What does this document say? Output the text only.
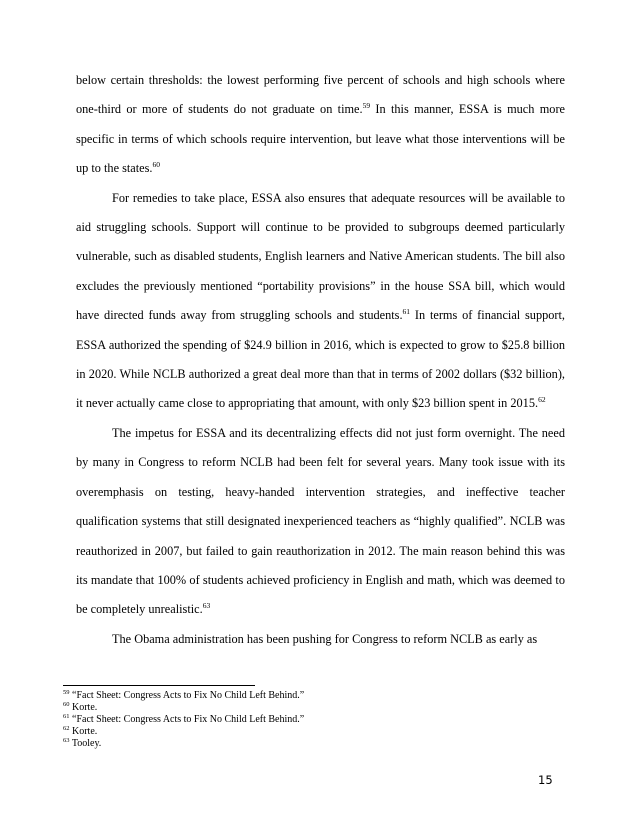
below certain thresholds: the lowest performing five percent of schools and high schools where one-third or more of students do not graduate on time.$^{59}$ In this manner, ESSA is much more specific in terms of which schools require intervention, but leave what those interventions will be up to the states.$^{60}$

For remedies to take place, ESSA also ensures that adequate resources will be available to aid struggling schools. Support will continue to be provided to subgroups deemed particularly vulnerable, such as disabled students, English learners and Native American students. The bill also excludes the previously mentioned “portability provisions” in the house SSA bill, which would have directed funds away from struggling schools and students.$^{61}$ In terms of financial support, ESSA authorized the spending of $24.9 billion in 2016, which is expected to grow to $25.8 billion in 2020. While NCLB authorized a great deal more than that in terms of 2002 dollars ($32 billion), it never actually came close to appropriating that amount, with only $23 billion spent in 2015.62

The impetus for ESSA and its decentralizing effects did not just form overnight. The need by many in Congress to reform NCLB had been felt for several years. Many took issue with its overemphasis on testing, heavy-handed intervention strategies, and ineffective teacher qualification systems that still designated inexperienced teachers as “highly qualified”. NCLB was reauthorized in 2007, but failed to gain reauthorization in 2012. The main reason behind this was its mandate that 100% of students achieved proficiency in English and math, which was deemed to be completely unrealistic.$^{63}$

The Obama administration has been pushing for Congress to reform NCLB as early as

$^{59}$ “Fact Sheet: Congress Acts to Fix No Child Left Behind.”

$^{60}$ Korte.

$^{61}$ “Fact Sheet: Congress Acts to Fix No Child Left Behind.”

$^{62}$ Korte.

$^{63}$ Tooley.

15
